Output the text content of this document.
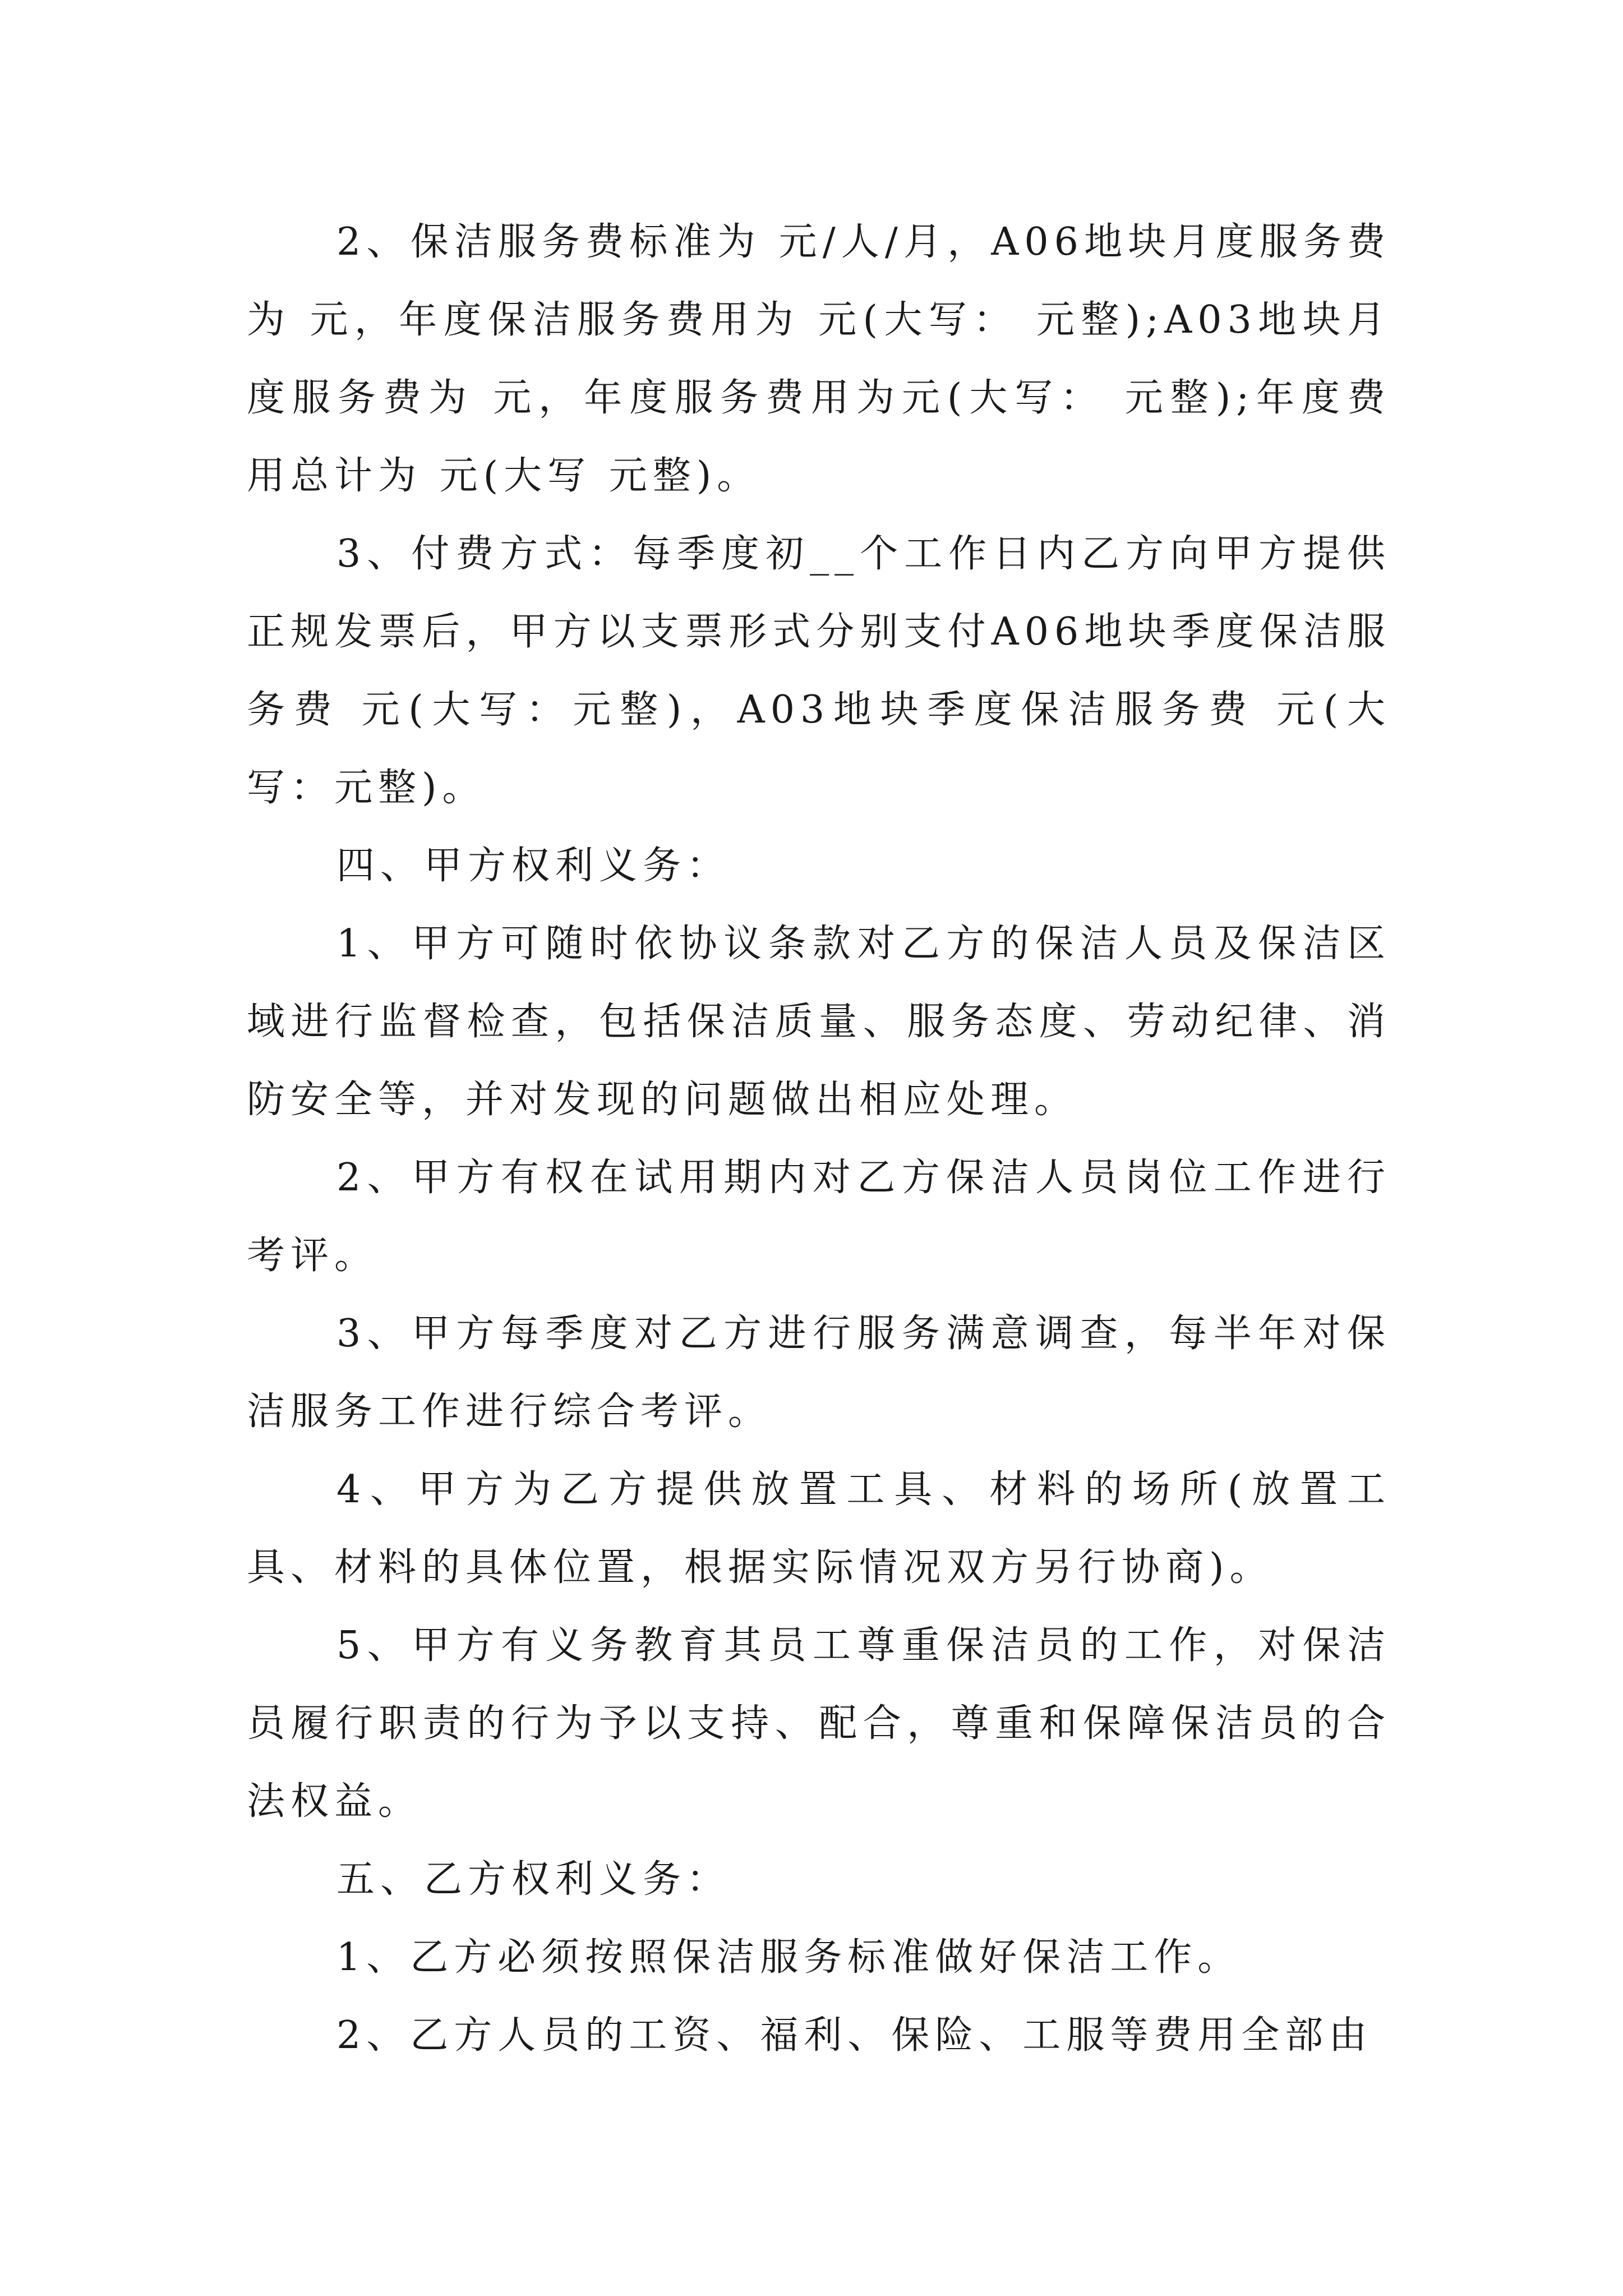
2、保洁服务费标准为 元/人/月，A06地块月度服务费为 元，年度保洁服务费用为 元(大写： 元整);A03地块月度服务费为 元，年度服务费用为元(大写： 元整);年度费用总计为 元(大写 元整)。

3、付费方式：每季度初__个工作日内乙方向甲方提供正规发票后，甲方以支票形式分别支付A06地块季度保洁服务费 元(大写：元整)，A03地块季度保洁服务费 元(大写：元整)。

四、甲方权利义务：

1、甲方可随时依协议条款对乙方的保洁人员及保洁区域进行监督检查，包括保洁质量、服务态度、劳动纪律、消防安全等，并对发现的问题做出相应处理。

2、甲方有权在试用期内对乙方保洁人员岗位工作进行考评。

3、甲方每季度对乙方进行服务满意调查，每半年对保洁服务工作进行综合考评。

4、甲方为乙方提供放置工具、材料的场所(放置工具、材料的具体位置，根据实际情况双方另行协商)。

5、甲方有义务教育其员工尊重保洁员的工作，对保洁员履行职责的行为予以支持、配合，尊重和保障保洁员的合法权益。

五、乙方权利义务：

1、乙方必须按照保洁服务标准做好保洁工作。

2、乙方人员的工资、福利、保险、工服等费用全部由
